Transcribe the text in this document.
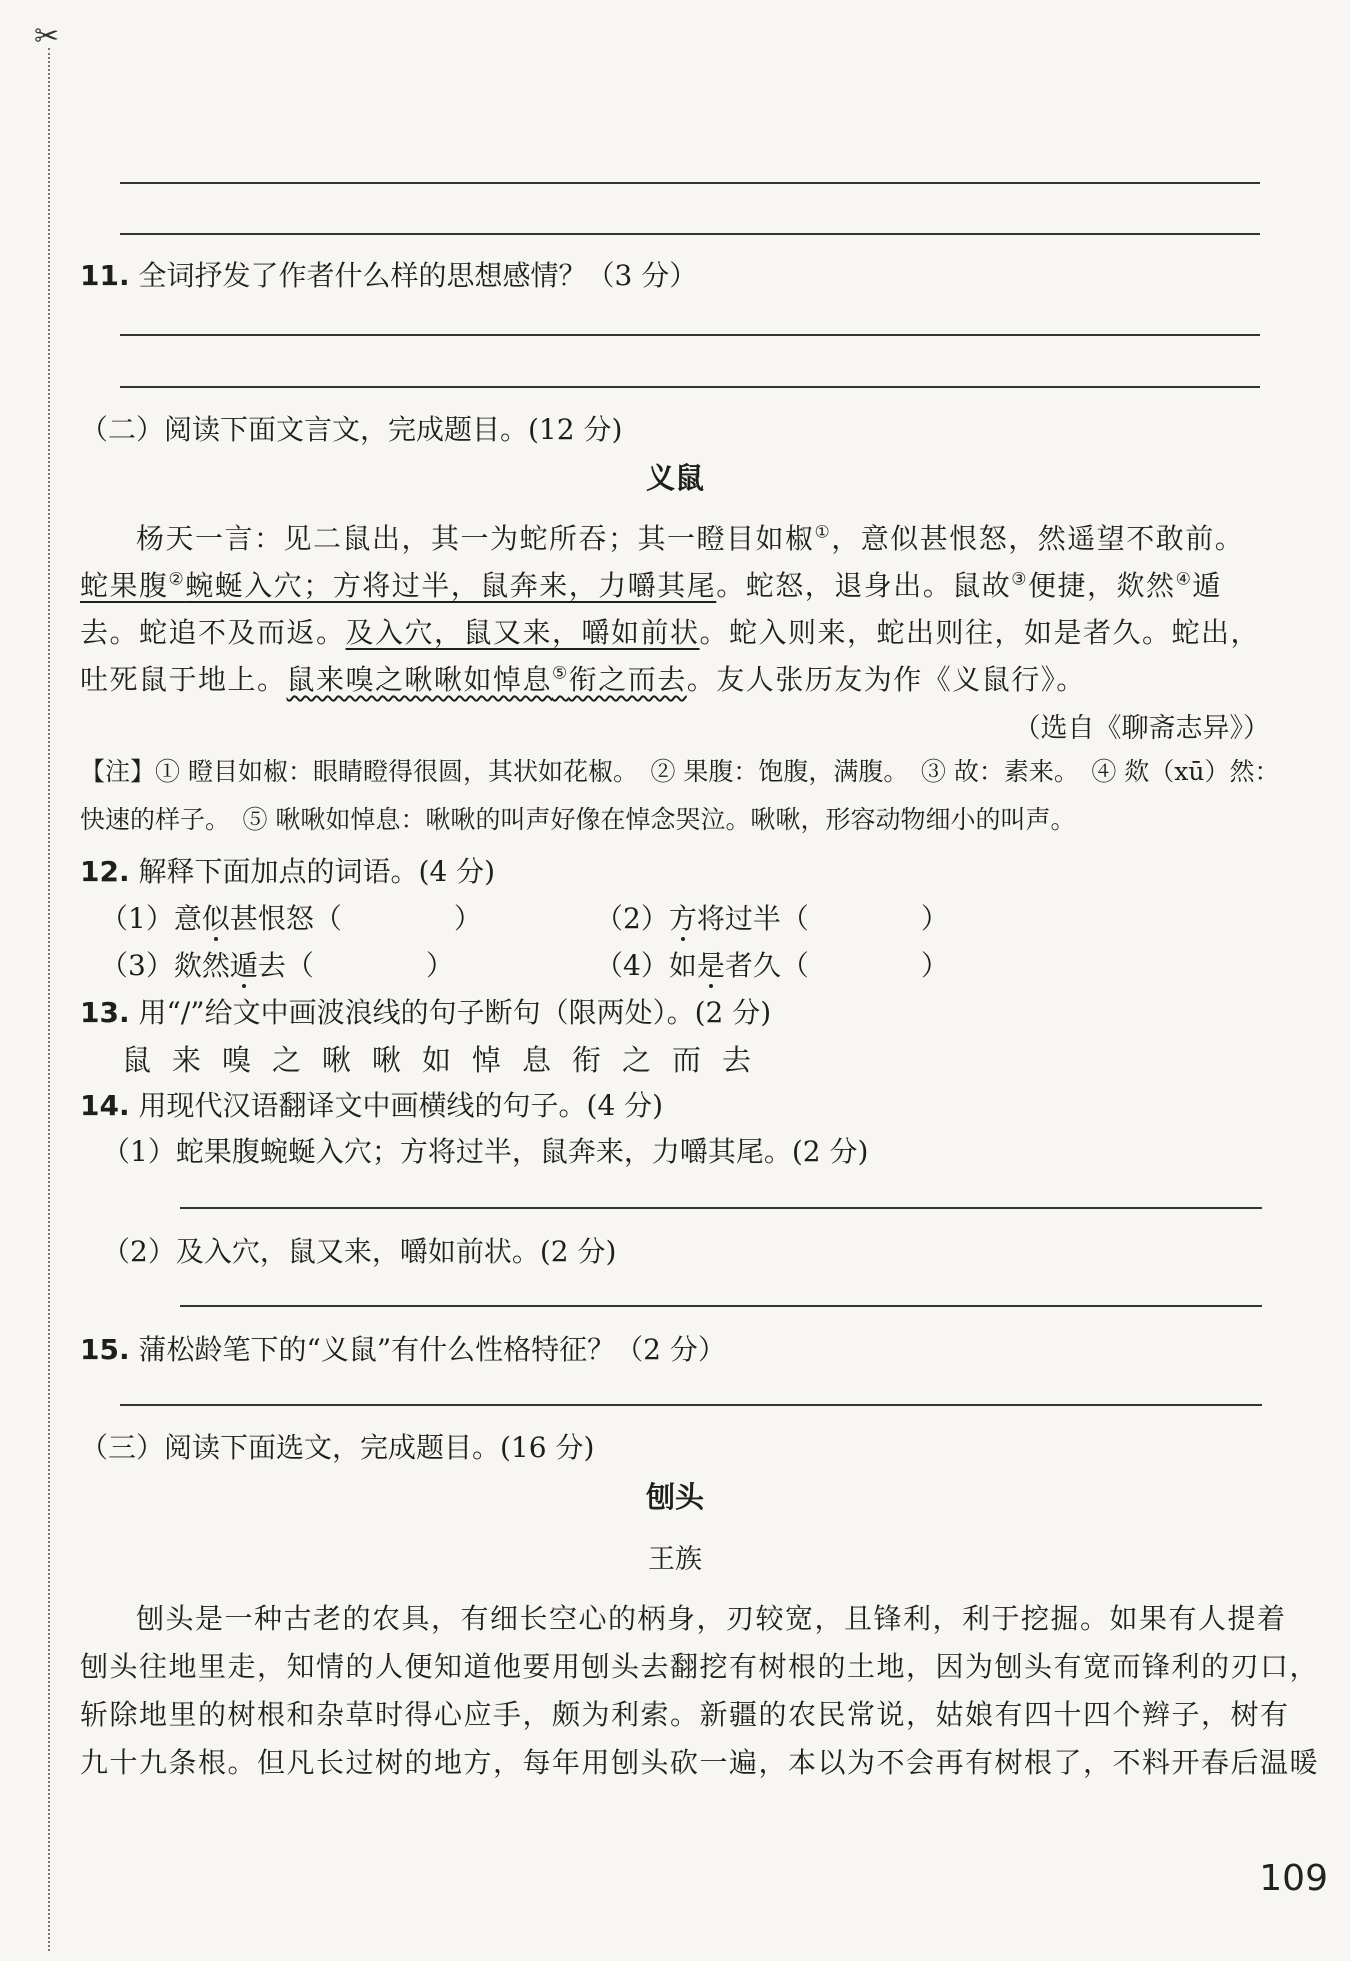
✂
11. 全词抒发了作者什么样的思想感情？（3 分）
（二）阅读下面文言文，完成题目。(12 分)
义鼠
杨天一言：见二鼠出，其一为蛇所吞；其一瞪目如椒①，意似甚恨怒，然遥望不敢前。蛇果腹②蜿蜒入穴；方将过半，鼠奔来，力嚼其尾。蛇怒，退身出。鼠故③便捷，欻然④遁去。蛇追不及而返。及入穴，鼠又来，嚼如前状。蛇入则来，蛇出则往，如是者久。蛇出，吐死鼠于地上。鼠来嗅之啾啾如悼息⑤衔之而去。友人张历友为作《义鼠行》。
（选自《聊斋志异》）
【注】① 瞪目如椒：眼睛瞪得很圆，其状如花椒。　② 果腹：饱腹，满腹。　③ 故：素来。　④ 欻（xū）然：
快速的样子。　⑤ 啾啾如悼息：啾啾的叫声好像在悼念哭泣。啾啾，形容动物细小的叫声。
12. 解释下面加点的词语。(4 分)
（1）意似甚恨怒（　　　　）	（2）方将过半（　　　　）
（3）欻然遁去（　　　　）	（4）如是者久（　　　　）
13. 用“/”给文中画波浪线的句子断句（限两处）。(2 分)
鼠来嗅之啾啾如悼息衔之而去
14. 用现代汉语翻译文中画横线的句子。(4 分)
（1）蛇果腹蜿蜒入穴；方将过半，鼠奔来，力嚼其尾。(2 分)
（2）及入穴，鼠又来，嚼如前状。(2 分)
15. 蒲松龄笔下的“义鼠”有什么性格特征？（2 分）
（三）阅读下面选文，完成题目。(16 分)
刨头
王族
刨头是一种古老的农具，有细长空心的柄身，刃较宽，且锋利，利于挖掘。如果有人提着
刨头往地里走，知情的人便知道他要用刨头去翻挖有树根的土地，因为刨头有宽而锋利的刃口，
斩除地里的树根和杂草时得心应手，颇为利索。新疆的农民常说，姑娘有四十四个辫子，树有
九十九条根。但凡长过树的地方，每年用刨头砍一遍，本以为不会再有树根了，不料开春后温暖
109
